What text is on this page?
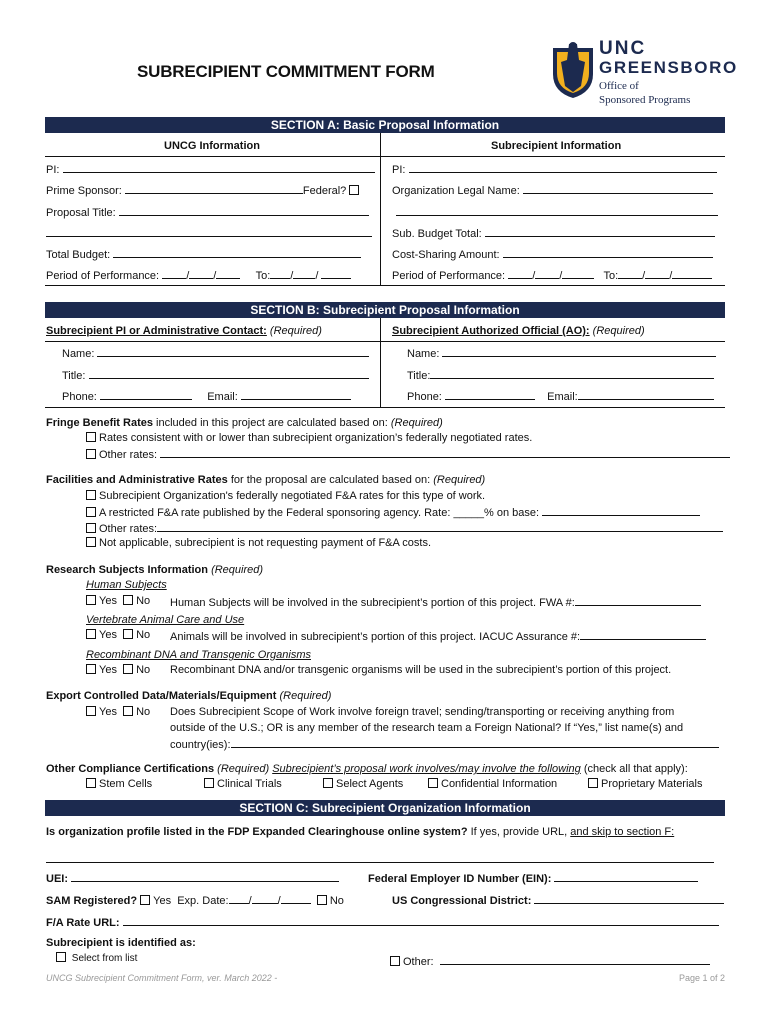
SUBRECIPIENT COMMITMENT FORM
UNC
GREENSBORO
Office of
Sponsored Programs
SECTION A: Basic Proposal Information
UNCG Information	Subrecipient Information
PI:
Prime Sponsor:	Federal?
Proposal Title:
Total Budget:
Period of Performance: / /	To: / /
PI:
Organization Legal Name:
Sub. Budget Total:
Cost-Sharing Amount:
Period of Performance: / /	To: / /
SECTION B: Subrecipient Proposal Information
Subrecipient PI or Administrative Contact: (Required)	Subrecipient Authorized Official (AO): (Required)
Name:
Title:
Phone:	Email:
Name:
Title:
Phone:	Email:
Fringe Benefit Rates included in this project are calculated based on: (Required)
Rates consistent with or lower than subrecipient organization’s federally negotiated rates.
Other rates:
Facilities and Administrative Rates for the proposal are calculated based on: (Required)
Subrecipient Organization's federally negotiated F&A rates for this type of work.
A restricted F&A rate published by the Federal sponsoring agency. Rate: _____% on base:
Other rates:
Not applicable, subrecipient is not requesting payment of F&A costs.
Research Subjects Information (Required)
Human Subjects
Yes No Human Subjects will be involved in the subrecipient’s portion of this project. FWA #:
Vertebrate Animal Care and Use
Yes No Animals will be involved in subrecipient’s portion of this project. IACUC Assurance #:
Recombinant DNA and Transgenic Organisms
Yes No Recombinant DNA and/or transgenic organisms will be used in the subrecipient’s portion of this project.
Export Controlled Data/Materials/Equipment (Required)
Yes No Does Subrecipient Scope of Work involve foreign travel; sending/transporting or receiving anything from
outside of the U.S.; OR is any member of the research team a Foreign National? If “Yes,” list name(s) and
country(ies):
Other Compliance Certifications (Required) Subrecipient’s proposal work involves/may involve the following (check all that apply):
Stem Cells	Clinical Trials	Select Agents	Confidential Information	Proprietary Materials
SECTION C: Subrecipient Organization Information
Is organization profile listed in the FDP Expanded Clearinghouse online system? If yes, provide URL, and skip to section F:
UEI:	Federal Employer ID Number (EIN):
SAM Registered? Yes Exp. Date: / /	No	US Congressional District:
F/A Rate URL:
Subrecipient is identified as:
Select from list	Other:
UNCG Subrecipient Commitment Form, ver. March 2022 -	Page 1 of 2
